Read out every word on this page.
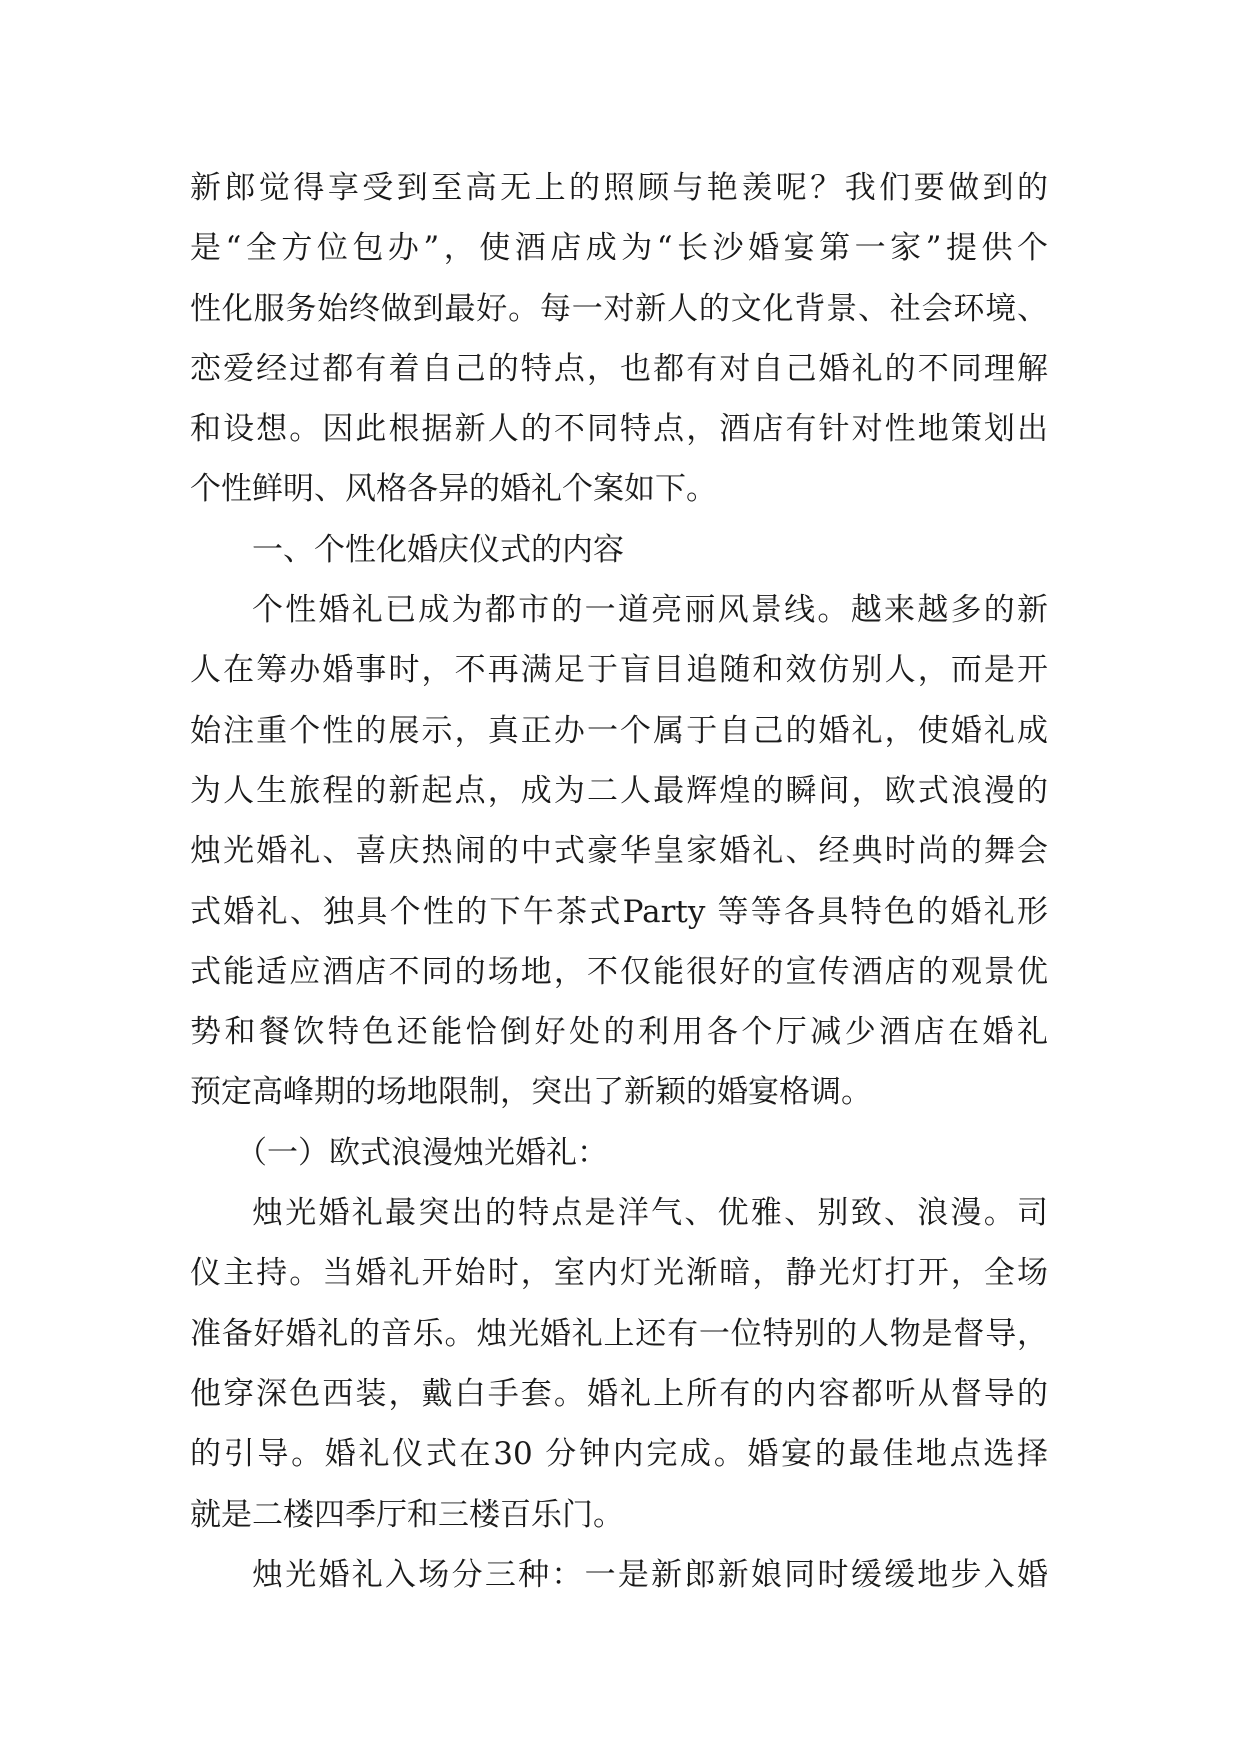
新郎觉得享受到至高无上的照顾与艳羡呢？我们要做到的
是“全方位包办”，使酒店成为“长沙婚宴第一家”提供个
性化服务始终做到最好。每一对新人的文化背景、社会环境、
恋爱经过都有着自己的特点，也都有对自己婚礼的不同理解
和设想。因此根据新人的不同特点，酒店有针对性地策划出
个性鲜明、风格各异的婚礼个案如下。
一、个性化婚庆仪式的内容
个性婚礼已成为都市的一道亮丽风景线。越来越多的新
人在筹办婚事时，不再满足于盲目追随和效仿别人，而是开
始注重个性的展示，真正办一个属于自己的婚礼，使婚礼成
为人生旅程的新起点，成为二人最辉煌的瞬间，欧式浪漫的
烛光婚礼、喜庆热闹的中式豪华皇家婚礼、经典时尚的舞会
式婚礼、独具个性的下午茶式Party 等等各具特色的婚礼形
式能适应酒店不同的场地，不仅能很好的宣传酒店的观景优
势和餐饮特色还能恰倒好处的利用各个厅减少酒店在婚礼
预定高峰期的场地限制，突出了新颖的婚宴格调。
（一）欧式浪漫烛光婚礼：
烛光婚礼最突出的特点是洋气、优雅、别致、浪漫。司
仪主持。当婚礼开始时，室内灯光渐暗，静光灯打开，全场
准备好婚礼的音乐。烛光婚礼上还有一位特别的人物是督导，
他穿深色西装，戴白手套。婚礼上所有的内容都听从督导的
的引导。婚礼仪式在30 分钟内完成。婚宴的最佳地点选择
就是二楼四季厅和三楼百乐门。
烛光婚礼入场分三种：一是新郎新娘同时缓缓地步入婚
